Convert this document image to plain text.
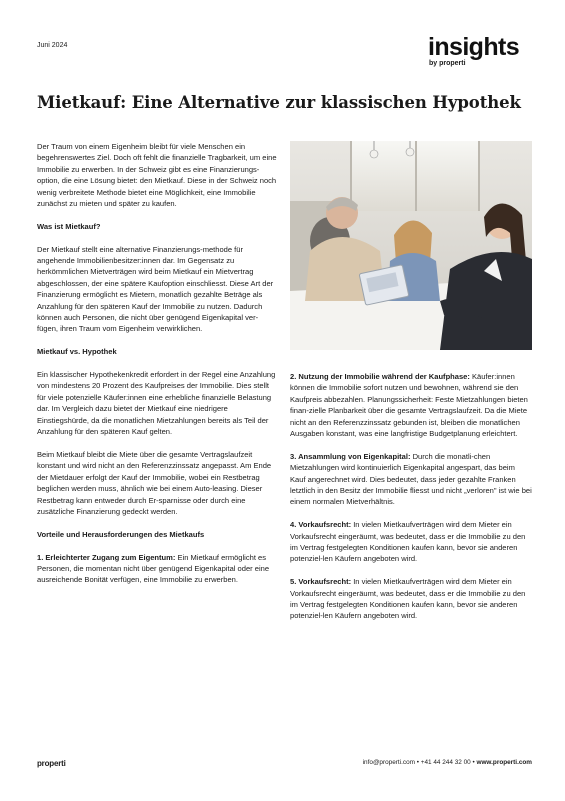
Juni 2024	insights
by properti
Mietkauf: Eine Alternative zur klassischen Hypothek

Der Traum von einem Eigenheim bleibt für viele Menschen ein begehrenswertes Ziel. Doch oft fehlt die finanzielle Tragbarkeit, um eine Immobilie zu erwerben. In der Schweiz gibt es eine Finanzierungs-option, die eine Lösung bietet: den Mietkauf. Diese in der Schweiz noch wenig verbreitete Methode bietet eine Möglichkeit, eine Immobilie zunächst zu mieten und später zu kaufen.

Was ist Mietkauf?

Der Mietkauf stellt eine alternative Finanzierungs-methode für angehende Immobilienbesitzer:innen dar. Im Gegensatz zu herkömmlichen Mietverträgen wird beim Mietkauf ein Mietvertrag abgeschlossen, der eine spätere Kaufoption einschliesst. Diese Art der Finanzierung ermöglicht es Mietern, monatlich gezahlte Beträge als Anzahlung für den späteren Kauf der Immobilie zu nutzen. Dadurch können auch Personen, die nicht über genügend Eigenkapital ver-fügen, ihren Traum vom Eigenheim verwirklichen.

Mietkauf vs. Hypothek

Ein klassischer Hypothekenkredit erfordert in der Regel eine Anzahlung von mindestens 20 Prozent des Kaufpreises der Immobilie. Dies stellt für viele potenzielle Käufer:innen eine erhebliche finanzielle Belastung dar. Im Vergleich dazu bietet der Mietkauf eine niedrigere Einstiegshürde, da die monatlichen Mietzahlungen bereits als Teil der Anzahlung für den späteren Kauf gelten.

Beim Mietkauf bleibt die Miete über die gesamte Vertragslaufzeit konstant und wird nicht an den Referenzzinssatz angepasst. Am Ende der Mietdauer erfolgt der Kauf der Immobilie, wobei ein Restbetrag beglichen werden muss, ähnlich wie bei einem Auto-leasing. Dieser Restbetrag kann entweder durch Er-sparnisse oder durch eine zusätzliche Finanzierung gedeckt werden.

Vorteile und Herausforderungen des Mietkaufs

1. Erleichterter Zugang zum Eigentum: Ein Mietkauf ermöglicht es Personen, die momentan nicht über genügend Eigenkapital oder eine ausreichende Bonität verfügen, eine Immobilie zu erwerben.

2. Nutzung der Immobilie während der Kaufphase: Käufer:innen können die Immobilie sofort nutzen und bewohnen, während sie den Kaufpreis abbezahlen. Planungssicherheit: Feste Mietzahlungen bieten finan-zielle Planbarkeit über die gesamte Vertragslaufzeit. Da die Miete nicht an den Referenzzinssatz gebunden ist, bleiben die monatlichen Ausgaben konstant, was eine langfristige Budgetplanung erleichtert.

3. Ansammlung von Eigenkapital: Durch die monatli-chen Mietzahlungen wird kontinuierlich Eigenkapital angespart, das beim Kauf angerechnet wird. Dies bedeutet, dass jeder gezahlte Franken letztlich in den Besitz der Immobilie fliesst und nicht „verloren" ist wie bei einem normalen Mietverhältnis.

4. Vorkaufsrecht: In vielen Mietkaufverträgen wird dem Mieter ein Vorkaufsrecht eingeräumt, was bedeutet, dass er die Immobilie zu den im Vertrag festgelegten Konditionen kaufen kann, bevor sie anderen potenziel-len Käufern angeboten wird.

5. Vorkaufsrecht: In vielen Mietkaufverträgen wird dem Mieter ein Vorkaufsrecht eingeräumt, was bedeutet, dass er die Immobilie zu den im Vertrag festgelegten Konditionen kaufen kann, bevor sie anderen potenziel-len Käufern angeboten wird.

properti	info@properti.com • +41 44 244 32 00 • www.properti.com
